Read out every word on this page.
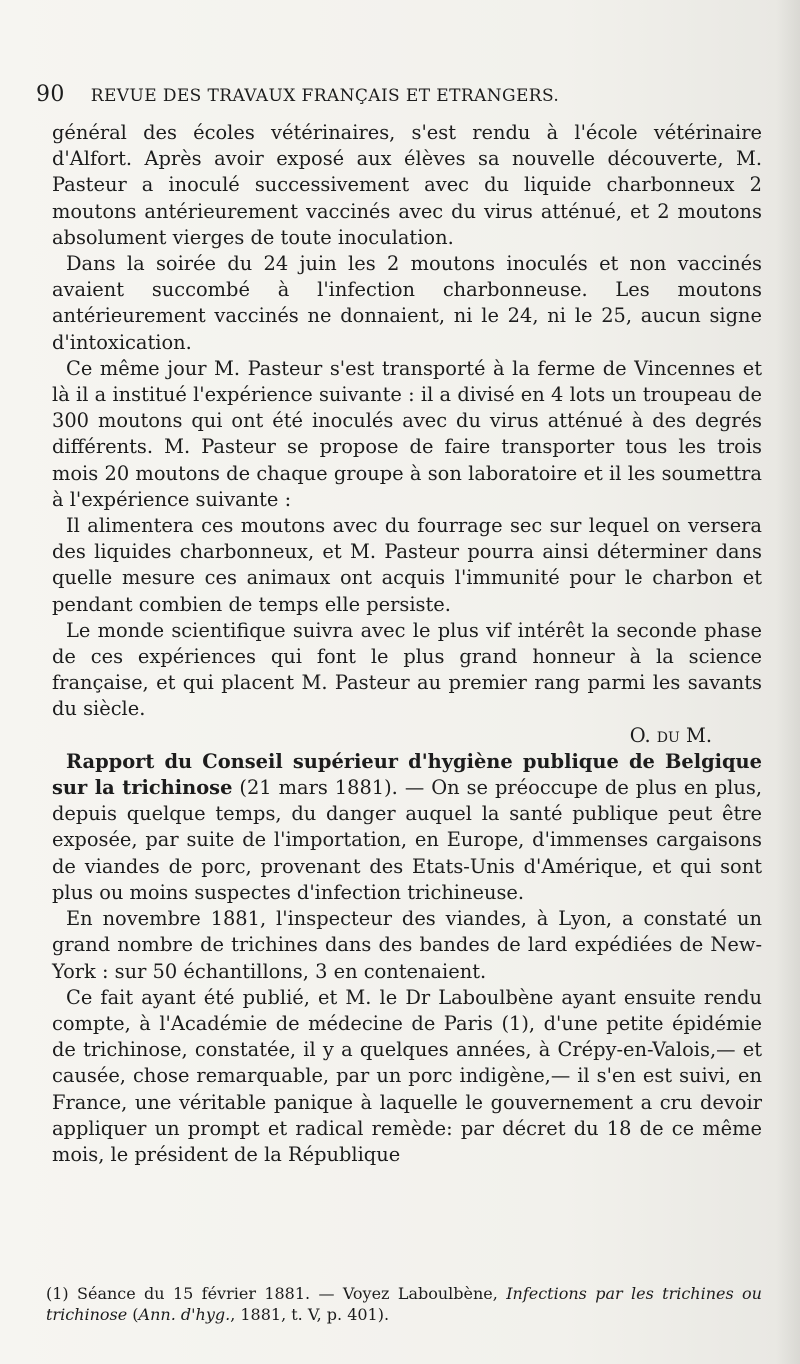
90 REVUE DES TRAVAUX FRANÇAIS ET ETRANGERS.

général des écoles vétérinaires, s'est rendu à l'école vétérinaire d'Alfort. Après avoir exposé aux élèves sa nouvelle découverte, M. Pasteur a inoculé successivement avec du liquide charbonneux 2 moutons antérieurement vaccinés avec du virus atténué, et 2 moutons absolument vierges de toute inoculation.

Dans la soirée du 24 juin les 2 moutons inoculés et non vaccinés avaient succombé à l'infection charbonneuse. Les moutons antérieurement vaccinés ne donnaient, ni le 24, ni le 25, aucun signe d'intoxication.

Ce même jour M. Pasteur s'est transporté à la ferme de Vincennes et là il a institué l'expérience suivante : il a divisé en 4 lots un troupeau de 300 moutons qui ont été inoculés avec du virus atténué à des degrés différents. M. Pasteur se propose de faire transporter tous les trois mois 20 moutons de chaque groupe à son laboratoire et il les soumettra à l'expérience suivante :

Il alimentera ces moutons avec du fourrage sec sur lequel on versera des liquides charbonneux, et M. Pasteur pourra ainsi déterminer dans quelle mesure ces animaux ont acquis l'immunité pour le charbon et pendant combien de temps elle persiste.

Le monde scientifique suivra avec le plus vif intérêt la seconde phase de ces expériences qui font le plus grand honneur à la science française, et qui placent M. Pasteur au premier rang parmi les savants du siècle.

O. du M.

Rapport du Conseil supérieur d'hygiène publique de Belgique sur la trichinose (21 mars 1881). — On se préoccupe de plus en plus, depuis quelque temps, du danger auquel la santé publique peut être exposée, par suite de l'importation, en Europe, d'immenses cargaisons de viandes de porc, provenant des Etats-Unis d'Amérique, et qui sont plus ou moins suspectes d'infection trichineuse.

En novembre 1881, l'inspecteur des viandes, à Lyon, a constaté un grand nombre de trichines dans des bandes de lard expédiées de New-York : sur 50 échantillons, 3 en contenaient.

Ce fait ayant été publié, et M. le Dr Laboulbène ayant ensuite rendu compte, à l'Académie de médecine de Paris (1), d'une petite épidémie de trichinose, constatée, il y a quelques années, à Crépy-en-Valois,— et causée, chose remarquable, par un porc indigène,— il s'en est suivi, en France, une véritable panique à laquelle le gouvernement a cru devoir appliquer un prompt et radical remède: par décret du 18 de ce même mois, le président de la République

(1) Séance du 15 février 1881. — Voyez Laboulbène, Infections par les trichines ou trichinose (Ann. d'hyg., 1881, t. V, p. 401).
